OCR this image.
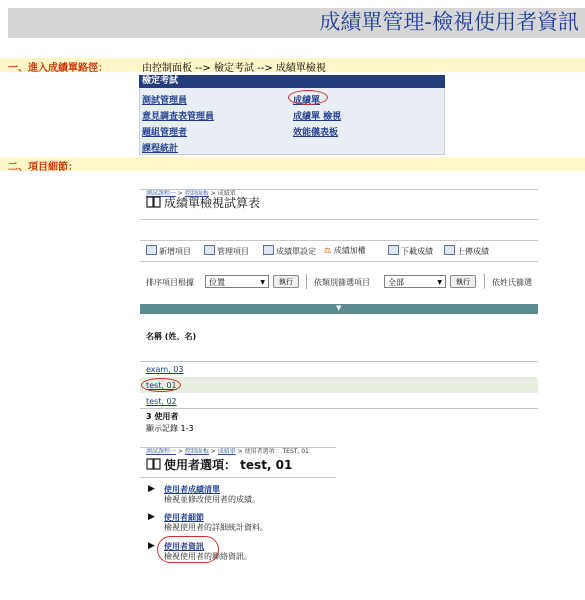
成績單管理-檢視使用者資訊
一、進入成績單路徑：	由控制面板 --> 檢定考試 --> 成績單檢視
檢定考試
測試管理員
意見調查表管理員
題組管理者
課程統計
成績單
成績單 檢視
效能儀表板
二、項目細節：
測試課程一 > 控制面板 > 成績單
成績單檢視試算表
新增項目	管理項目	成績單設定 ⚖ 成績加權	下載成績	上傳成績
排序項目根據	位置	▼	執行	依類別篩選項目	全部	▼	執行	依姓氏篩選
▼
名稱 (姓、名)
exam, 03
test, 01
test, 02
3 使用者
顯示記錄 1-3
測試課程一 > 控制面板 > 成績單 > 使用者選項： TEST, 01
使用者選項： test, 01
▶ 使用者成績清單
檢視並修改使用者的成績。
▶ 使用者細節
檢視使用者的詳細統計資料。
▶ 使用者資訊
檢視使用者的聯絡資訊。
